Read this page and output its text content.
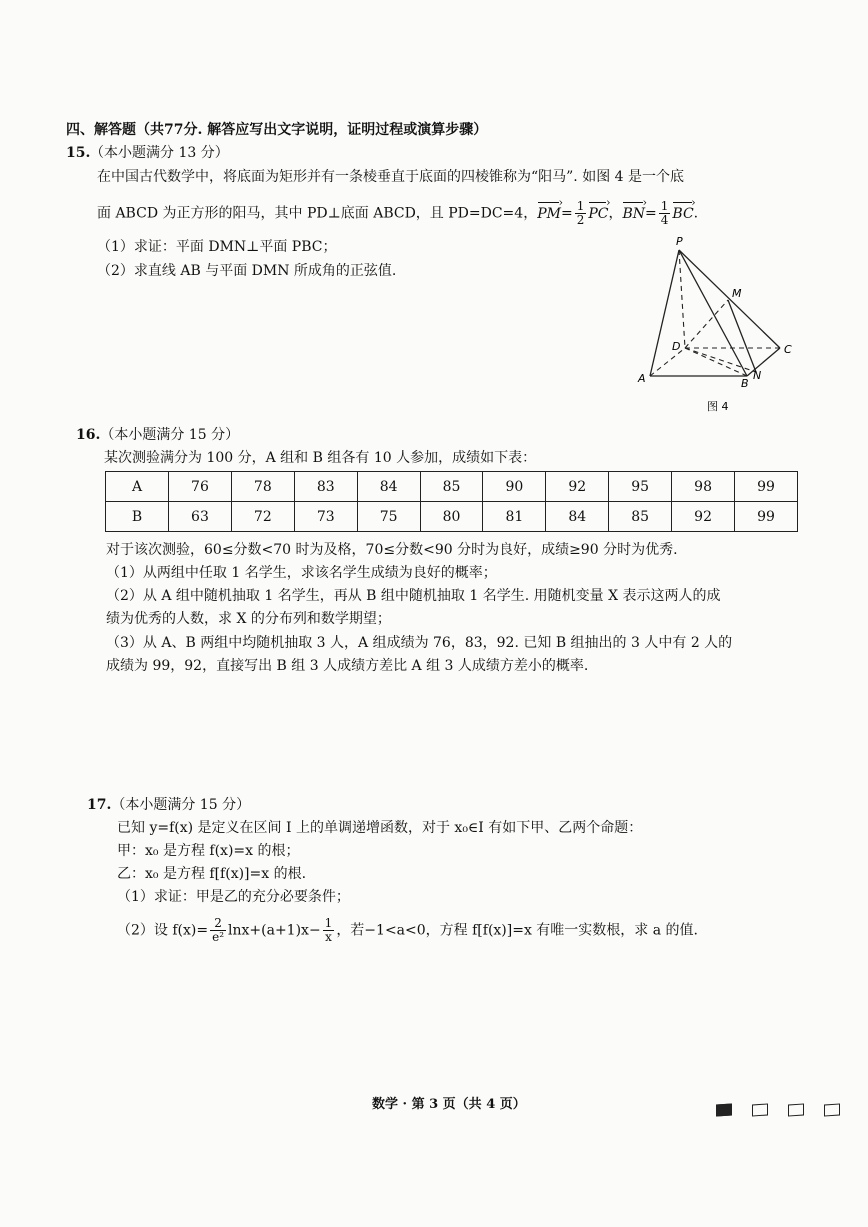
四、解答题（共77分. 解答应写出文字说明，证明过程或演算步骤）
15. （本小题满分 13 分）
在中国古代数学中，将底面为矩形并有一条棱垂直于底面的四棱锥称为“阳马”. 如图 4 是一个底
面 ABCD 为正方形的阳马，其中 PD⊥底面 ABCD，且 PD=DC=4，PM ›= $\frac{1}{2}$ PC ›，BN ›= $\frac{1}{4}$ BC ›.
（1）求证：平面 DMN⊥平面 PBC；
（2）求直线 AB 与平面 DMN 所成角的正弦值.
P
M
D	C
A	B
N
图 4
16.（本小题满分 15 分）
某次测验满分为 100 分，A 组和 B 组各有 10 人参加，成绩如下表：
A	76	78	83	84	85	90	92	95	98	99
B	63	72	73	75	80	81	84	85	92	99
对于该次测验，60≤分数<70 时为及格，70≤分数<90 分时为良好，成绩≥90 分时为优秀.
（1）从两组中任取 1 名学生，求该名学生成绩为良好的概率；
（2）从 A 组中随机抽取 1 名学生，再从 B 组中随机抽取 1 名学生. 用随机变量 X 表示这两人的成
绩为优秀的人数，求 X 的分布列和数学期望；
（3）从 A、B 两组中均随机抽取 3 人，A 组成绩为 76，83，92. 已知 B 组抽出的 3 人中有 2 人的
成绩为 99，92，直接写出 B 组 3 人成绩方差比 A 组 3 人成绩方差小的概率.
17.（本小题满分 15 分）
已知 y=f(x) 是定义在区间 I 上的单调递增函数，对于 x₀∈I 有如下甲、乙两个命题：
甲：x₀ 是方程 f(x)=x 的根；
乙：x₀ 是方程 f[f(x)]=x 的根.
（1）求证：甲是乙的充分必要条件；
（2）设 $f(x)= \frac{2}{\text{e²}} \ln x+(a+1)x- \frac{1}{x}$ ，若−1<a<0，方程 f[f(x)]=x 有唯一实数根，求 a 的值.
数学 · 第 3 页（共 4 页）
